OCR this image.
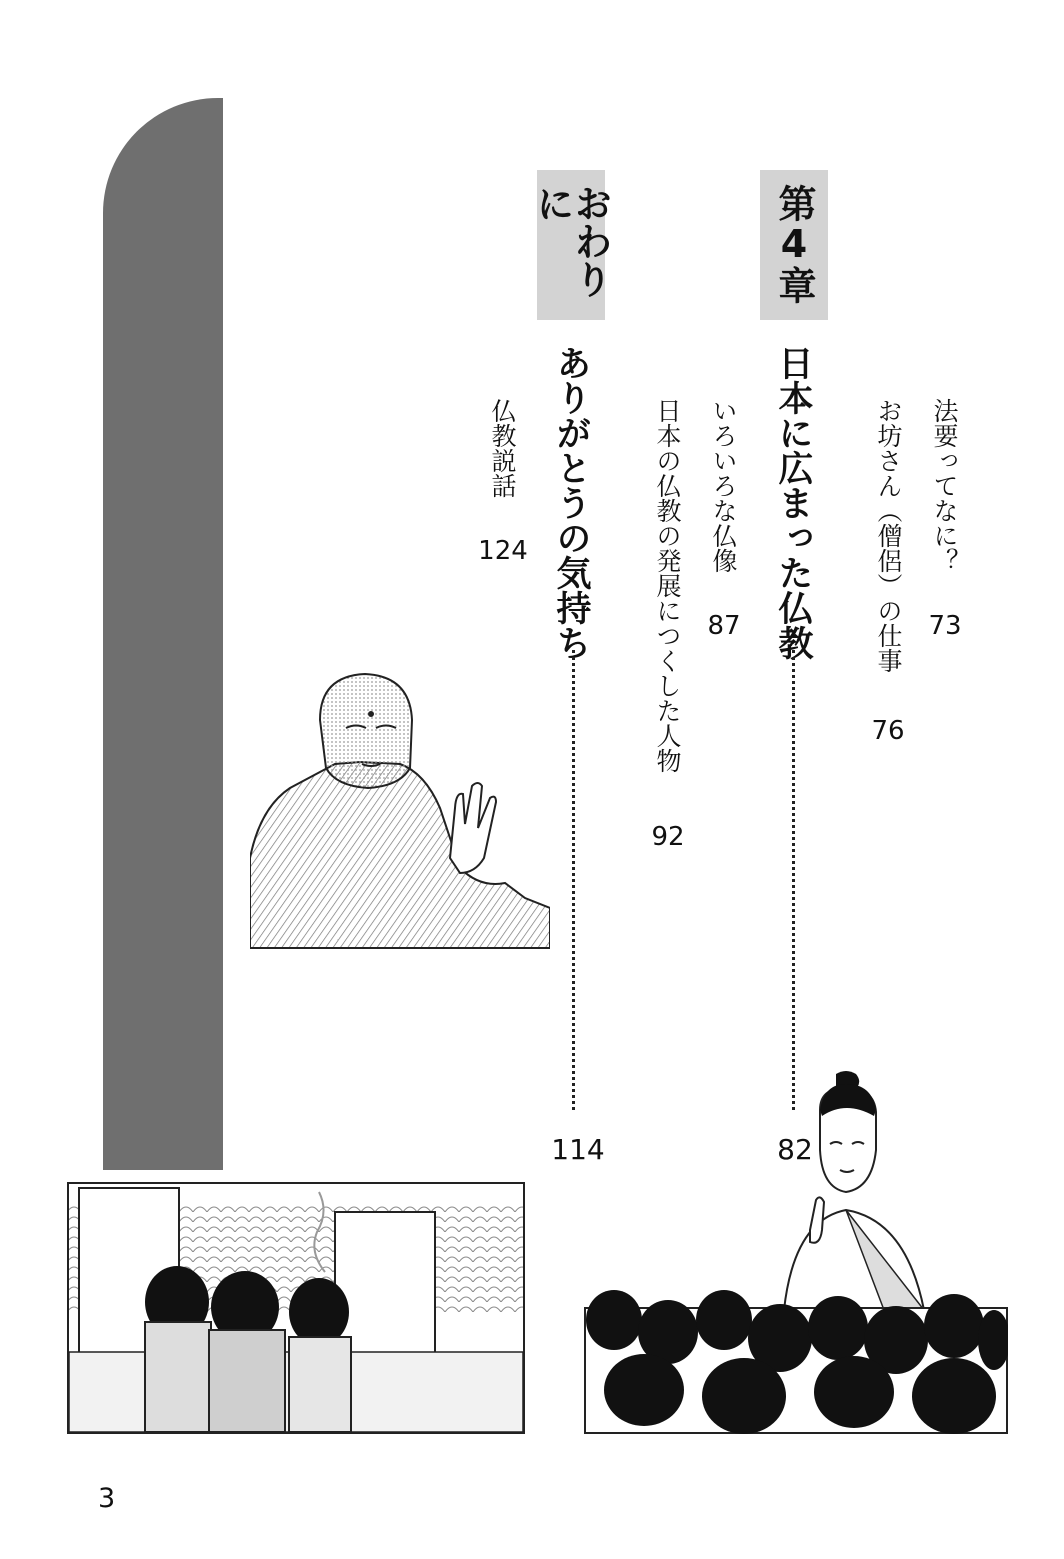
第4章
日本に広まった仏教
82
法要ってなに？
73
お坊さん（僧侶）の仕事
76
いろいろな仏像
87
日本の仏教の発展につくした人物
92
おわりに
ありがとうの気持ち
114
仏教説話
124
3
